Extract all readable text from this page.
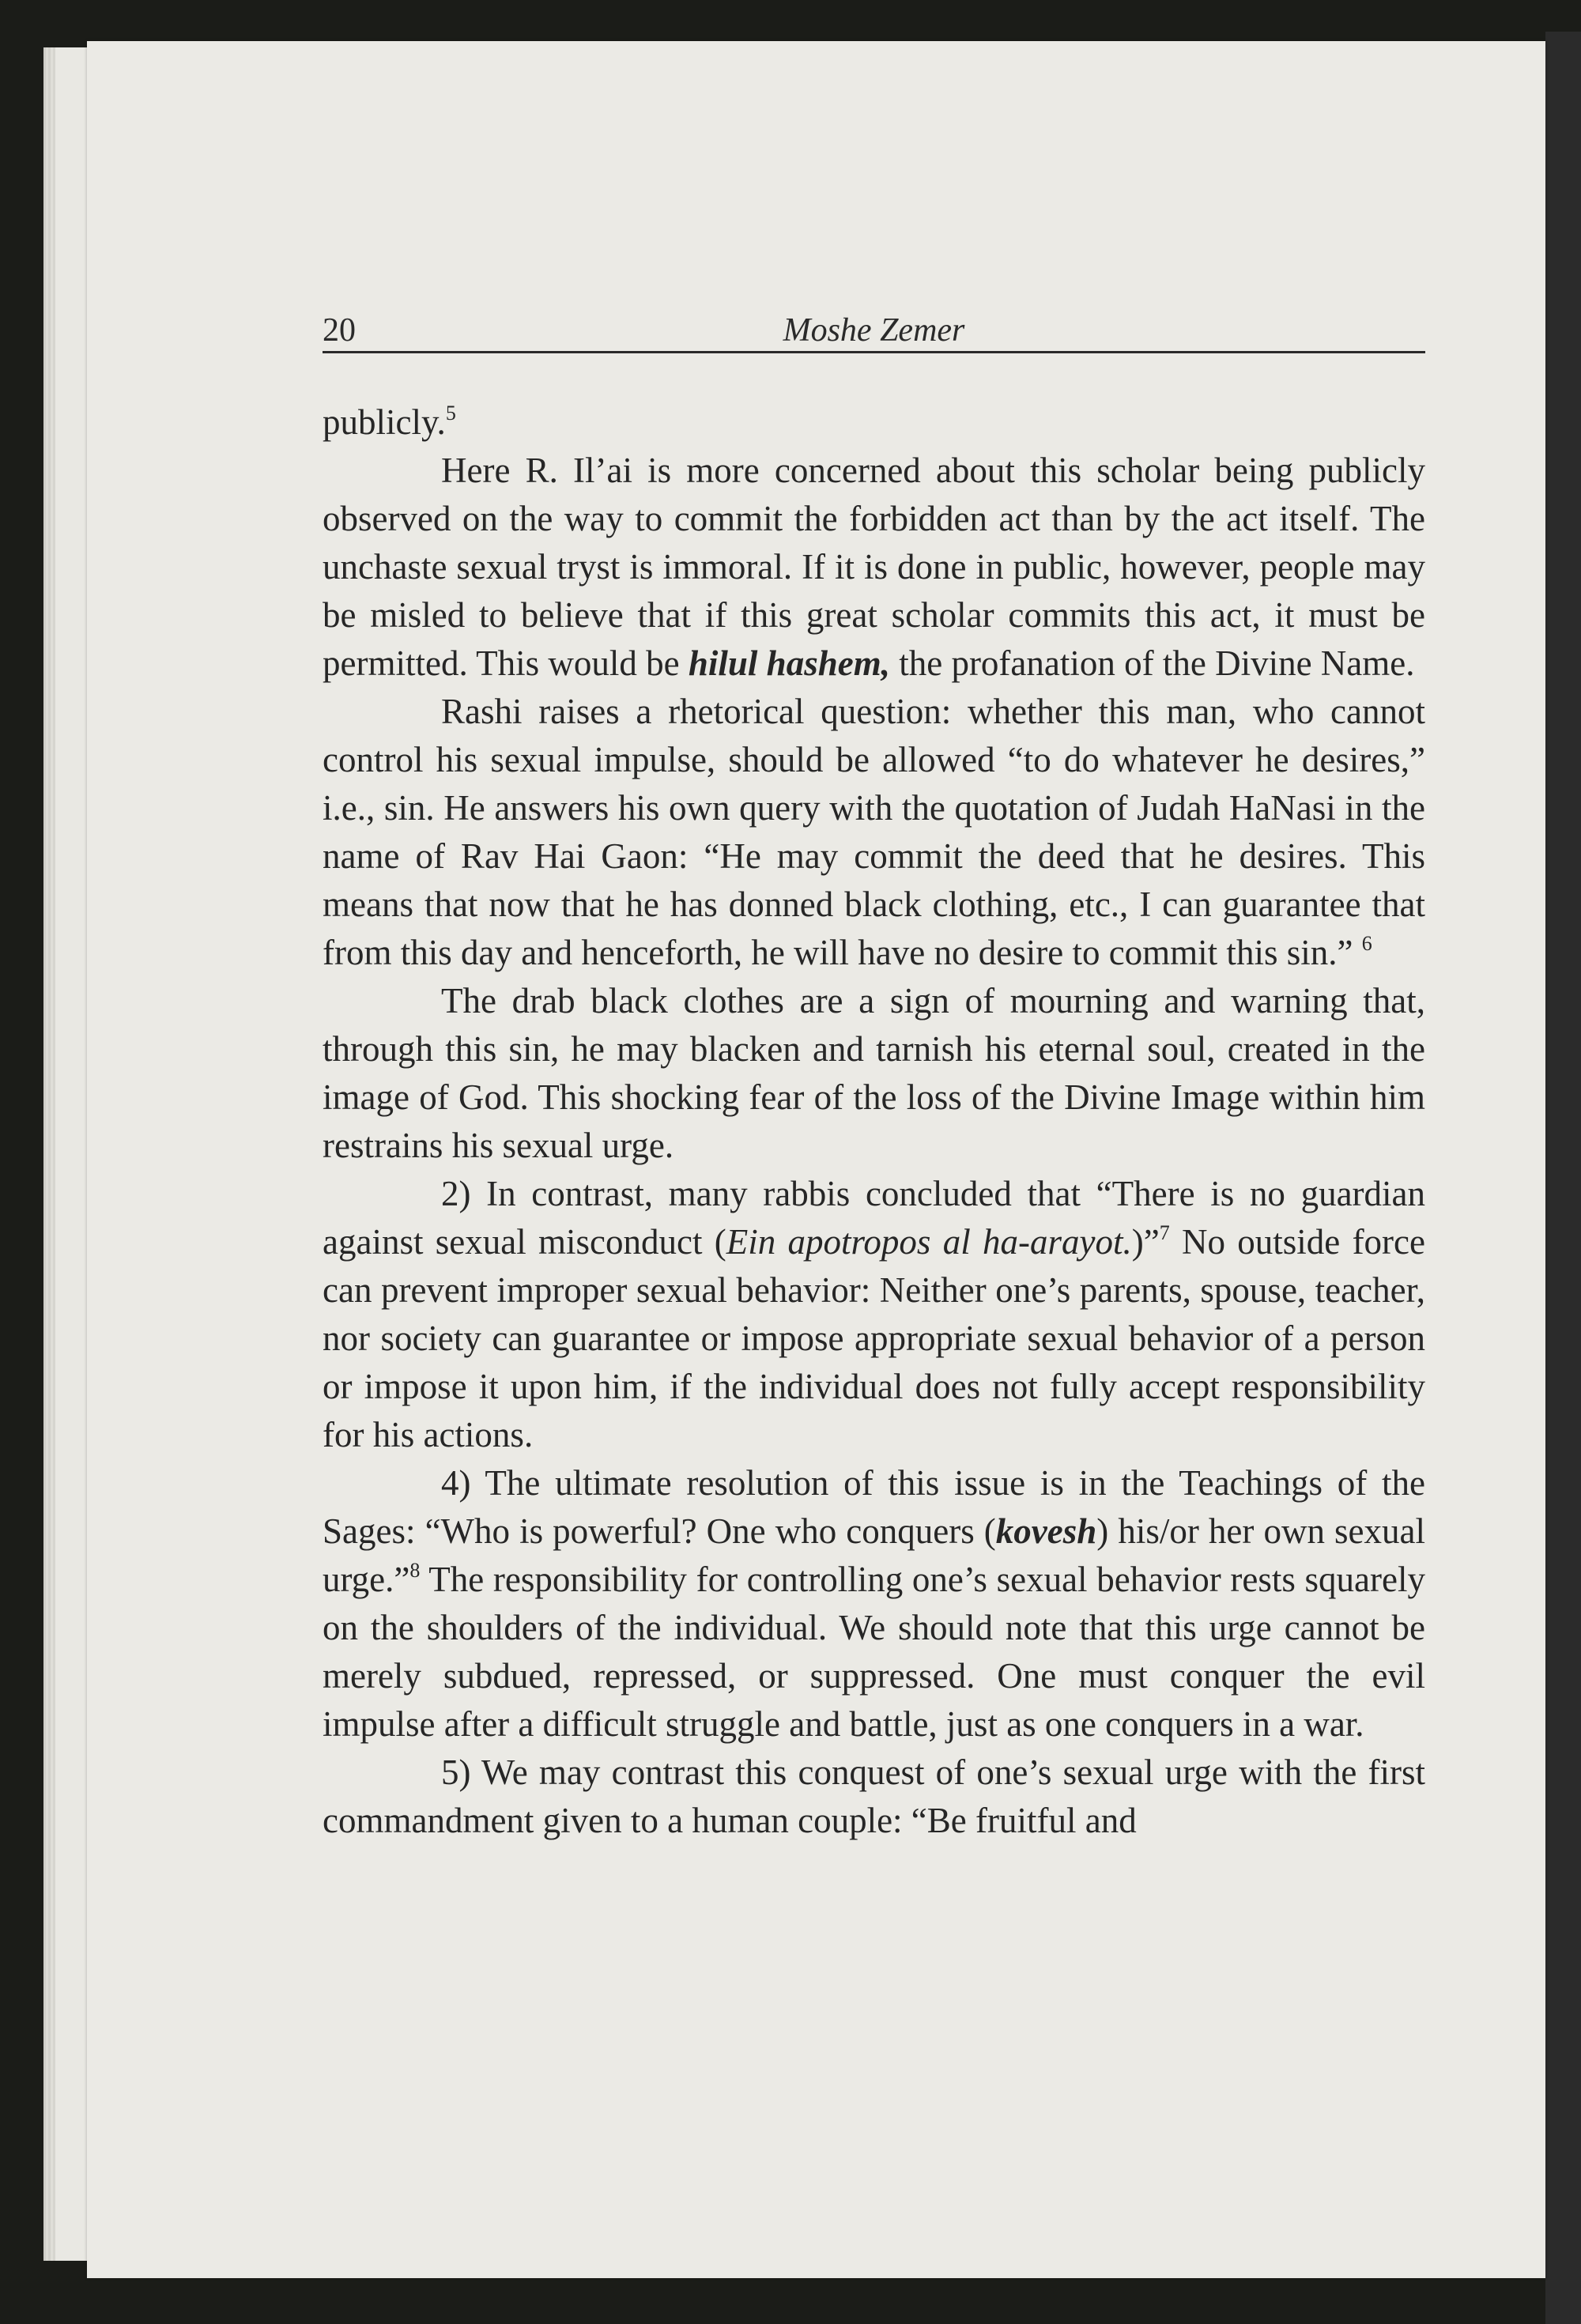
20	Moshe Zemer

publicly.$^5$

Here R. Il’ai is more concerned about this scholar being publicly observed on the way to commit the forbidden act than by the act itself. The unchaste sexual tryst is immoral. If it is done in public, however, people may be misled to believe that if this great scholar commits this act, it must be permitted. This would be hilul hashem, the profanation of the Divine Name.

Rashi raises a rhetorical question: whether this man, who cannot control his sexual impulse, should be allowed “to do whatever he desires,” i.e., sin. He answers his own query with the quotation of Judah HaNasi in the name of Rav Hai Gaon: “He may commit the deed that he desires. This means that now that he has donned black clothing, etc., I can guarantee that from this day and henceforth, he will have no desire to commit this sin.” $^6$

The drab black clothes are a sign of mourning and warning that, through this sin, he may blacken and tarnish his eternal soul, created in the image of God. This shocking fear of the loss of the Divine Image within him restrains his sexual urge.

2) In contrast, many rabbis concluded that “There is no guardian against sexual misconduct (Ein apotropos al ha-arayot.)”$^7$ No outside force can prevent improper sexual behavior: Neither one’s parents, spouse, teacher, nor society can guarantee or impose appropriate sexual behavior of a person or impose it upon him, if the individual does not fully accept responsibility for his actions.

4) The ultimate resolution of this issue is in the Teachings of the Sages: “Who is powerful? One who conquers (kovesh) his/or her own sexual urge.”$^8$ The responsibility for controlling one’s sexual behavior rests squarely on the shoulders of the individual. We should note that this urge cannot be merely subdued, repressed, or suppressed. One must conquer the evil impulse after a difficult struggle and battle, just as one conquers in a war.

5) We may contrast this conquest of one’s sexual urge with the first commandment given to a human couple: “Be fruitful and
